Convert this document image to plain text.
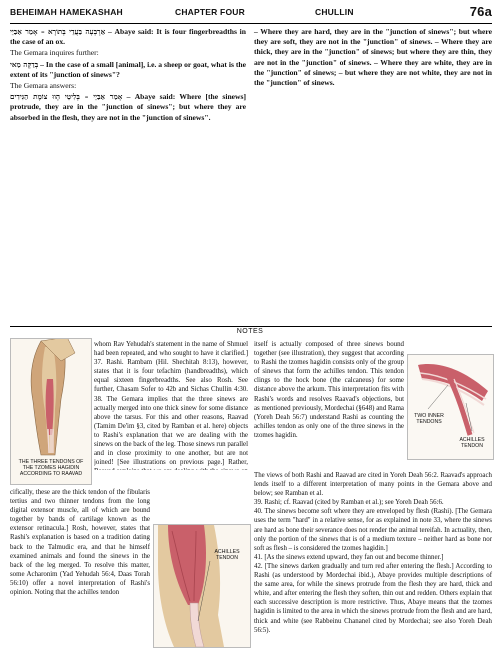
BEHEIMAH HAMEKASHAH	CHAPTER FOUR	CHULLIN	76a

אַרְבְּעָה בַּעֲדֵי בְּתוֹרָא – אָמַר אַבַּיֵי – Abaye said: It is four fingerbreadths in the case of an ox.

The Gemara inquires further:

בְּדַקָּה מַאי – In the case of a small [animal], i.e. a sheep or goat, what is the extent of its "junction of sinews"?

The Gemara answers:

אָמַר אַבַּיֵי – בְּלִיטֵי הָווּ צוֹמֶת הַגִּידִים – Abaye said: Where [the sinews] protrude, they are in the "junction of sinews"; but where they are absorbed in the flesh, they are not in the "junction of sinews".

– Where they are hard, they are in the "junction of sinews"; but where they are soft, they are not in the "junction" of sinews. – Where they are thick, they are in the "junction" of sinews; but where they are thin, they are not in the "junction" of sinews. – Where they are white, they are in the "junction" of sinews; – but where they are not white, they are not in the "junction" of sinews.

NOTES
THE THREE TENDONS OF THE TZOMES HAGIDIN ACCORDING TO RAAVAD

whom Rav Yehudah's statement in the name of Shmuel had been repeated, and who sought to have it clarified.] 37. Rashi. Rambam (Hil. Shechitah 8:13), however, states that it is four tefachim (handbreadths), which equal sixteen fingerbreadths. See also Rosh. See further, Chasam Sofer to 42b and Sichas Chullin 4:30. 38. The Gemara implies that the three sinews are actually merged into one thick sinew for some distance above the tarsus. For this and other reasons, Raavad (Tamim De'im §3, cited by Ramban et al. here) objects to Rashi's explanation that we are dealing with the sinews on the back of the leg. Those sinews run parallel and in close proximity to one another, but are not joined! [See illustrations on previous page.] Rather,

cifically, these are the thick tendon of the fibularis tertius and two thinner tendons from the long digital extensor muscle, all of which are bound together by bands of cartilage known as the extensor retinacula.] Rosh, however, states that Rashi's explanation is based on a tradition dating back to the Talmudic era, and that he himself examined animals and found the sinews in the back of the leg merged. To resolve this matter, some Acharonim (Yad Yehudah 56:4, Daas Torah 56:10) offer a novel interpretation of Rashi's opinion. Noting that the achilles tendon

ACHILLES TENDON

itself is actually composed of three sinews bound together (see illustration), they suggest that according to Rashi the tzomes hagidin consists only of the group of sinews that form the achilles tendon. This tendon clings to the hock bone (the calcaneus) for some distance above the arkum. This interpretation fits with Rashi's words and resolves Raavad's objections, but as mentioned previously, Mordechai (§648) and Rama (Yoreh Deah 56:7) understand Rashi as counting the achilles tendon as only one of the three sinews in the tzomes hagidin.

TWO INNER TENDONS
ACHILLES TENDON

The views of both Rashi and Raavad are cited in Yoreh Deah 56:2. Raavad's approach lends itself to a different interpretation of many points in the Gemara above and below; see Ramban et al.

39. Rashi; cf. Raavad (cited by Ramban et al.); see Yoreh Deah 56:6.

40. The sinews become soft where they are enveloped by flesh (Rashi). [The Gemara uses the term "hard" in a relative sense, for as explained in note 33, where the sinews are hard as bone their severance does not render the animal tereifah. In actuality, then, only the portion of the sinews that is of a medium texture – neither hard as bone nor soft as flesh – is considered the tzomes hagidin.]

41. [As the sinews extend upward, they fan out and become thinner.]

42. [The sinews darken gradually and turn red after entering the flesh.] According to Rashi (as understood by Mordechai ibid.), Abaye provides multiple descriptions of the same area, for while the sinews protrude from the flesh they are hard, thick and white, and after entering the flesh they soften, thin out and redden. Others explain that each successive description is more restrictive. Thus, Abaye means that the tzomes hagidin is limited to the area in which the sinews protrude from the flesh and are hard, thick and white (see Rabbeinu Chananel cited by Mordechai; see also Yoreh Deah 56:5).
